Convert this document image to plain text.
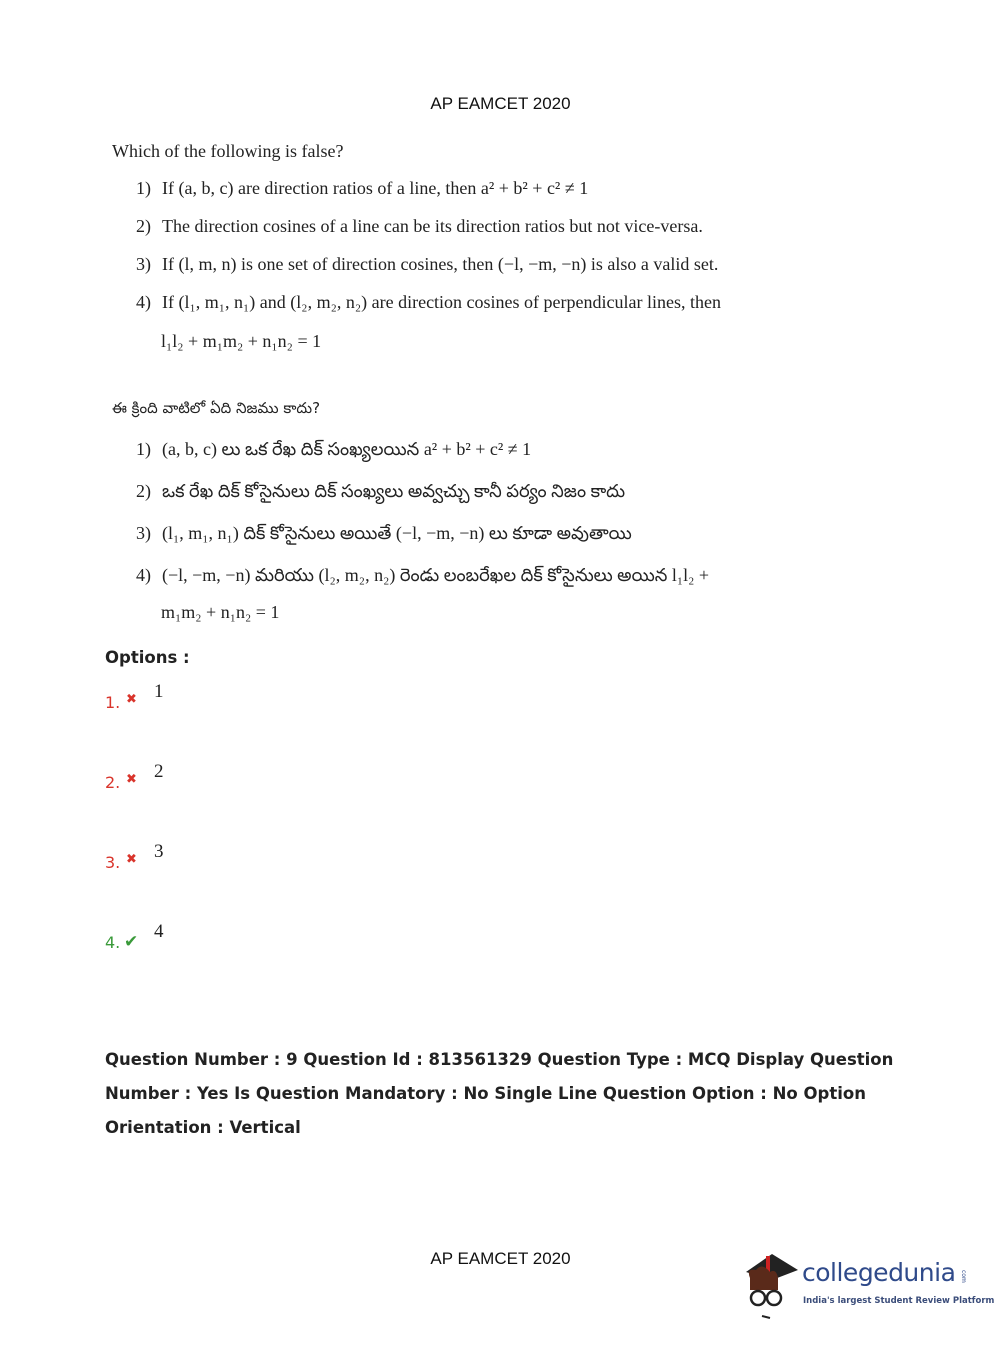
AP EAMCET 2020
Which of the following is false?
1) If (a, b, c) are direction ratios of a line, then a² + b² + c² ≠ 1
2) The direction cosines of a line can be its direction ratios but not vice-versa.
3) If (l, m, n) is one set of direction cosines, then (−l, −m, −n) is also a valid set.
4) If (l₁, m₁, n₁) and (l₂, m₂, n₂) are direction cosines of perpendicular lines, then
l₁l₂ + m₁m₂ + n₁n₂ = 1
ఈ క్రింది వాటిలో ఏది నిజము కాదు?
1) (a, b, c) లు ఒక రేఖ దిక్ సంఖ్యలయిన a² + b² + c² ≠ 1
2) ఒక రేఖ దిక్ కోసైనులు దిక్ సంఖ్యలు అవ్వచ్చు కానీ పర్యం నిజం కాదు
3) (l₁, m₁, n₁) దిక్ కోసైనులు అయితే (−l, −m, −n) లు కూడా అవుతాయి
4) (−l, −m, −n) మరియు (l₂, m₂, n₂) రెండు లంబరేఖల దిక్ కోసైనులు అయిన l₁l₂ +
m₁m₂ + n₁n₂ = 1
Options :
1. ✖ 1
2. ✖ 2
3. ✖ 3
4. ✔ 4
Question Number : 9 Question Id : 813561329 Question Type : MCQ Display Question Number : Yes Is Question Mandatory : No Single Line Question Option : No Option Orientation : Vertical
AP EAMCET 2020	collegedunia com
India's largest Student Review Platform
